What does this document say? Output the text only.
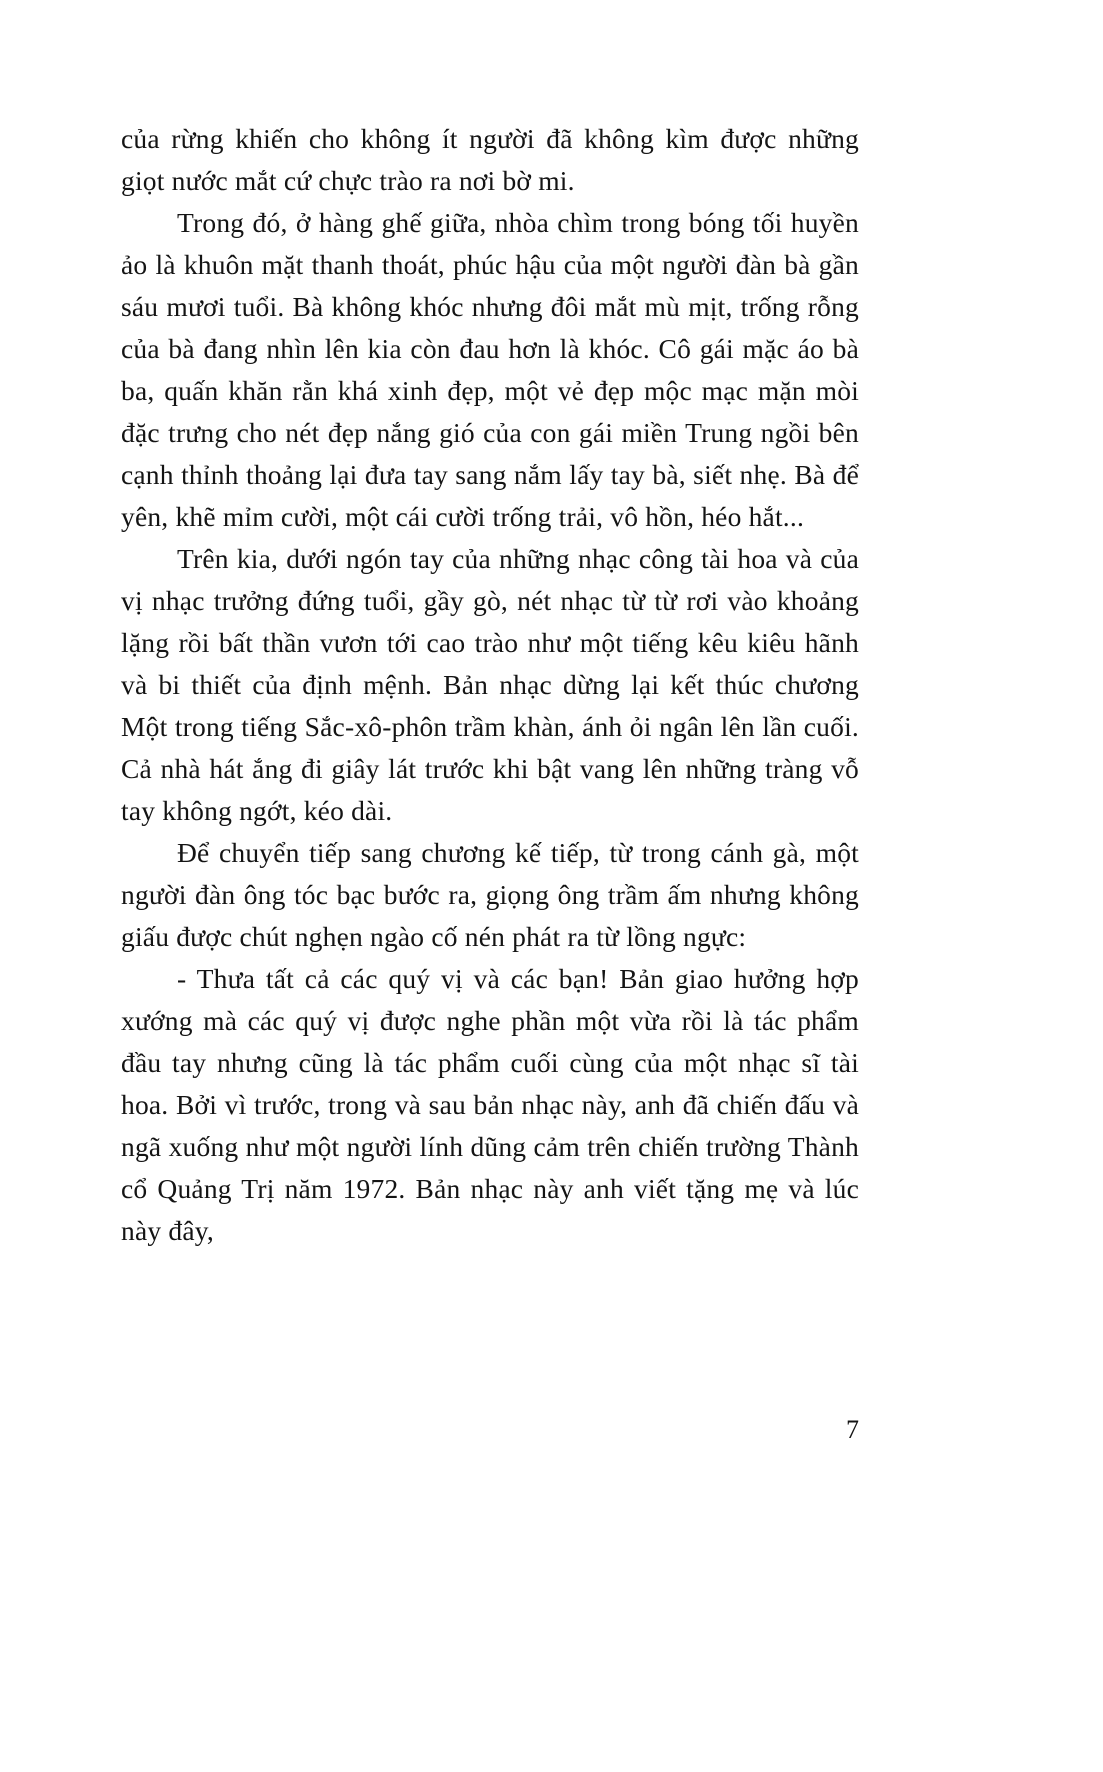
của rừng khiến cho không ít người đã không kìm được những giọt nước mắt cứ chực trào ra nơi bờ mi.

Trong đó, ở hàng ghế giữa, nhòa chìm trong bóng tối huyền ảo là khuôn mặt thanh thoát, phúc hậu của một người đàn bà gần sáu mươi tuổi. Bà không khóc nhưng đôi mắt mù mịt, trống rỗng của bà đang nhìn lên kia còn đau hơn là khóc. Cô gái mặc áo bà ba, quấn khăn rằn khá xinh đẹp, một vẻ đẹp mộc mạc mặn mòi đặc trưng cho nét đẹp nắng gió của con gái miền Trung ngồi bên cạnh thỉnh thoảng lại đưa tay sang nắm lấy tay bà, siết nhẹ. Bà để yên, khẽ mỉm cười, một cái cười trống trải, vô hồn, héo hắt...

Trên kia, dưới ngón tay của những nhạc công tài hoa và của vị nhạc trưởng đứng tuổi, gầy gò, nét nhạc từ từ rơi vào khoảng lặng rồi bất thần vươn tới cao trào như một tiếng kêu kiêu hãnh và bi thiết của định mệnh. Bản nhạc dừng lại kết thúc chương Một trong tiếng Sắc-xô-phôn trầm khàn, ánh ỏi ngân lên lần cuối. Cả nhà hát ắng đi giây lát trước khi bật vang lên những tràng vỗ tay không ngớt, kéo dài.

Để chuyển tiếp sang chương kế tiếp, từ trong cánh gà, một người đàn ông tóc bạc bước ra, giọng ông trầm ấm nhưng không giấu được chút nghẹn ngào cố nén phát ra từ lồng ngực:

- Thưa tất cả các quý vị và các bạn! Bản giao hưởng hợp xướng mà các quý vị được nghe phần một vừa rồi là tác phẩm đầu tay nhưng cũng là tác phẩm cuối cùng của một nhạc sĩ tài hoa. Bởi vì trước, trong và sau bản nhạc này, anh đã chiến đấu và ngã xuống như một người lính dũng cảm trên chiến trường Thành cổ Quảng Trị năm 1972. Bản nhạc này anh viết tặng mẹ và lúc này đây,

7
